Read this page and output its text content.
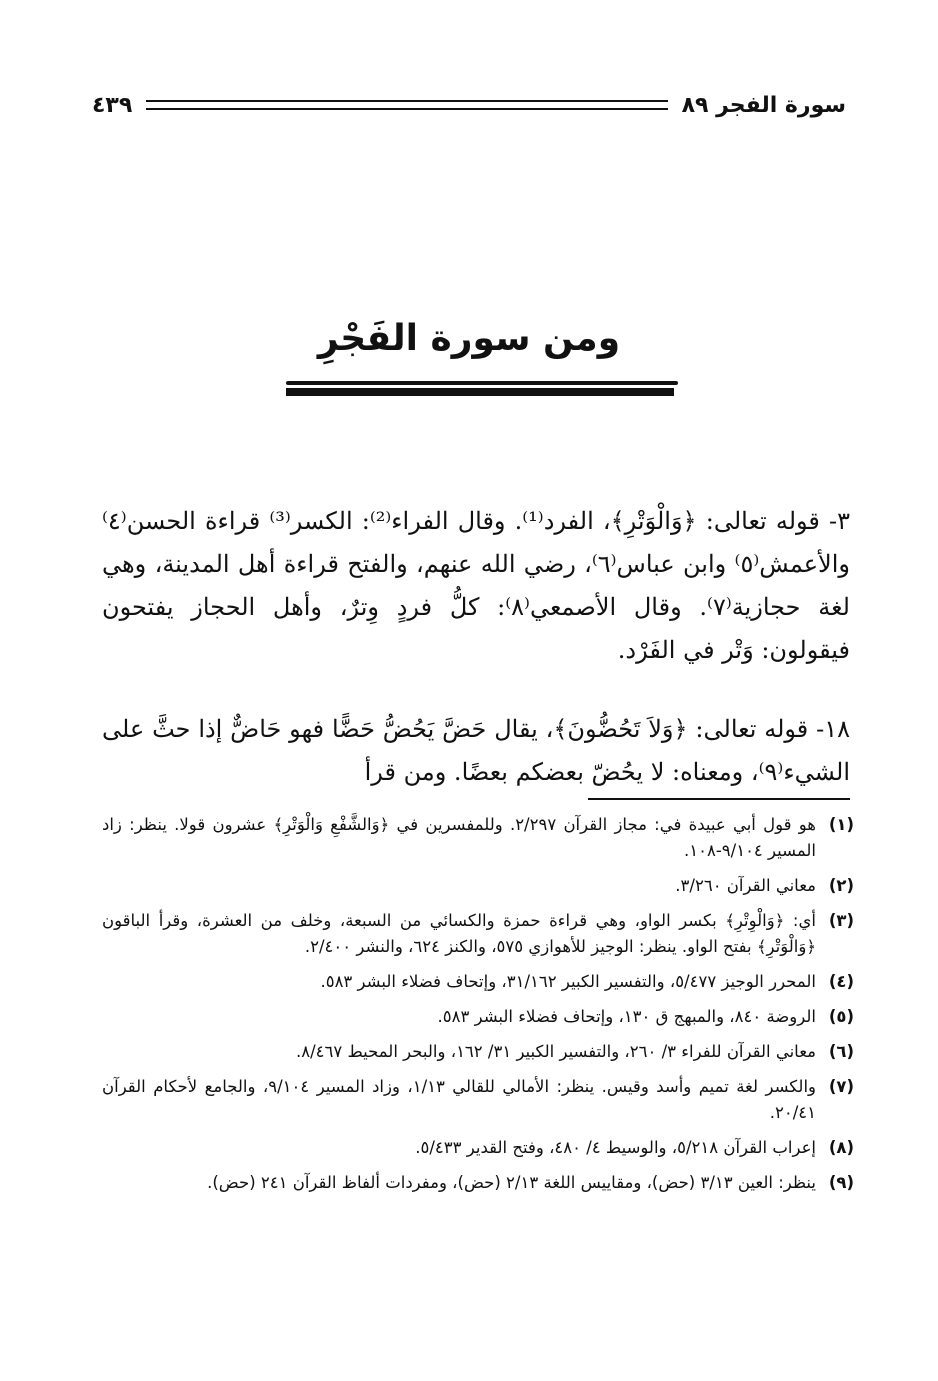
سورة الفجر ٨٩
٤٣٩
ومن سورة الفَجْرِ

٣- قوله تعالى: ﴿وَالْوَتْرِ﴾، الفرد⁽¹⁾. وقال الفراء⁽²⁾: الكسر⁽³⁾ قراءة الحسن⁽٤⁾ والأعمش⁽٥⁾ وابن عباس⁽٦⁾، رضي الله عنهم، والفتح قراءة أهل المدينة، وهي لغة حجازية⁽٧⁾. وقال الأصمعي⁽٨⁾: كلُّ فردٍ وِترٌ، وأهل الحجاز يفتحون فيقولون: وَتْر في الفَرْد.

١٨- قوله تعالى: ﴿وَلاَ تَحُضُّونَ﴾، يقال حَضَّ يَحُضُّ حَضًّا فهو حَاضٌّ إذا حثَّ على الشيء⁽٩⁾، ومعناه: لا يحُضّ بعضكم بعضًا. ومن قرأ

(١)
هو قول أبي عبيدة في: مجاز القرآن ٢/٢٩٧. وللمفسرين في ﴿وَالشَّفْعِ وَالْوَتْرِ﴾ عشرون قولا. ينظر: زاد المسير ٩/١٠٤-١٠٨.
(٢)
معاني القرآن ٣/٢٦٠.
(٣)
أي: ﴿وَالْوِتْرِ﴾ بكسر الواو، وهي قراءة حمزة والكسائي من السبعة، وخلف من العشرة، وقرأ الباقون ﴿وَالْوَتْرِ﴾ بفتح الواو. ينظر: الوجيز للأهوازي ٥٧٥، والكنز ٦٢٤، والنشر ٢/٤٠٠.
(٤)
المحرر الوجيز ٥/٤٧٧، والتفسير الكبير ٣١/١٦٢، وإتحاف فضلاء البشر ٥٨٣.
(٥)
الروضة ٨٤٠، والمبهج ق ١٣٠، وإتحاف فضلاء البشر ٥٨٣.
(٦)
معاني القرآن للفراء ٣/ ٢٦٠، والتفسير الكبير ٣١/ ١٦٢، والبحر المحيط ٨/٤٦٧.
(٧)
والكسر لغة تميم وأسد وقيس. ينظر: الأمالي للقالي ١/١٣، وزاد المسير ٩/١٠٤، والجامع لأحكام القرآن ٢٠/٤١.
(٨)
إعراب القرآن ٥/٢١٨، والوسيط ٤/ ٤٨٠، وفتح القدير ٥/٤٣٣.
(٩)
ينظر: العين ٣/١٣ (حض)، ومقاييس اللغة ٢/١٣ (حض)، ومفردات ألفاظ القرآن ٢٤١ (حض).
